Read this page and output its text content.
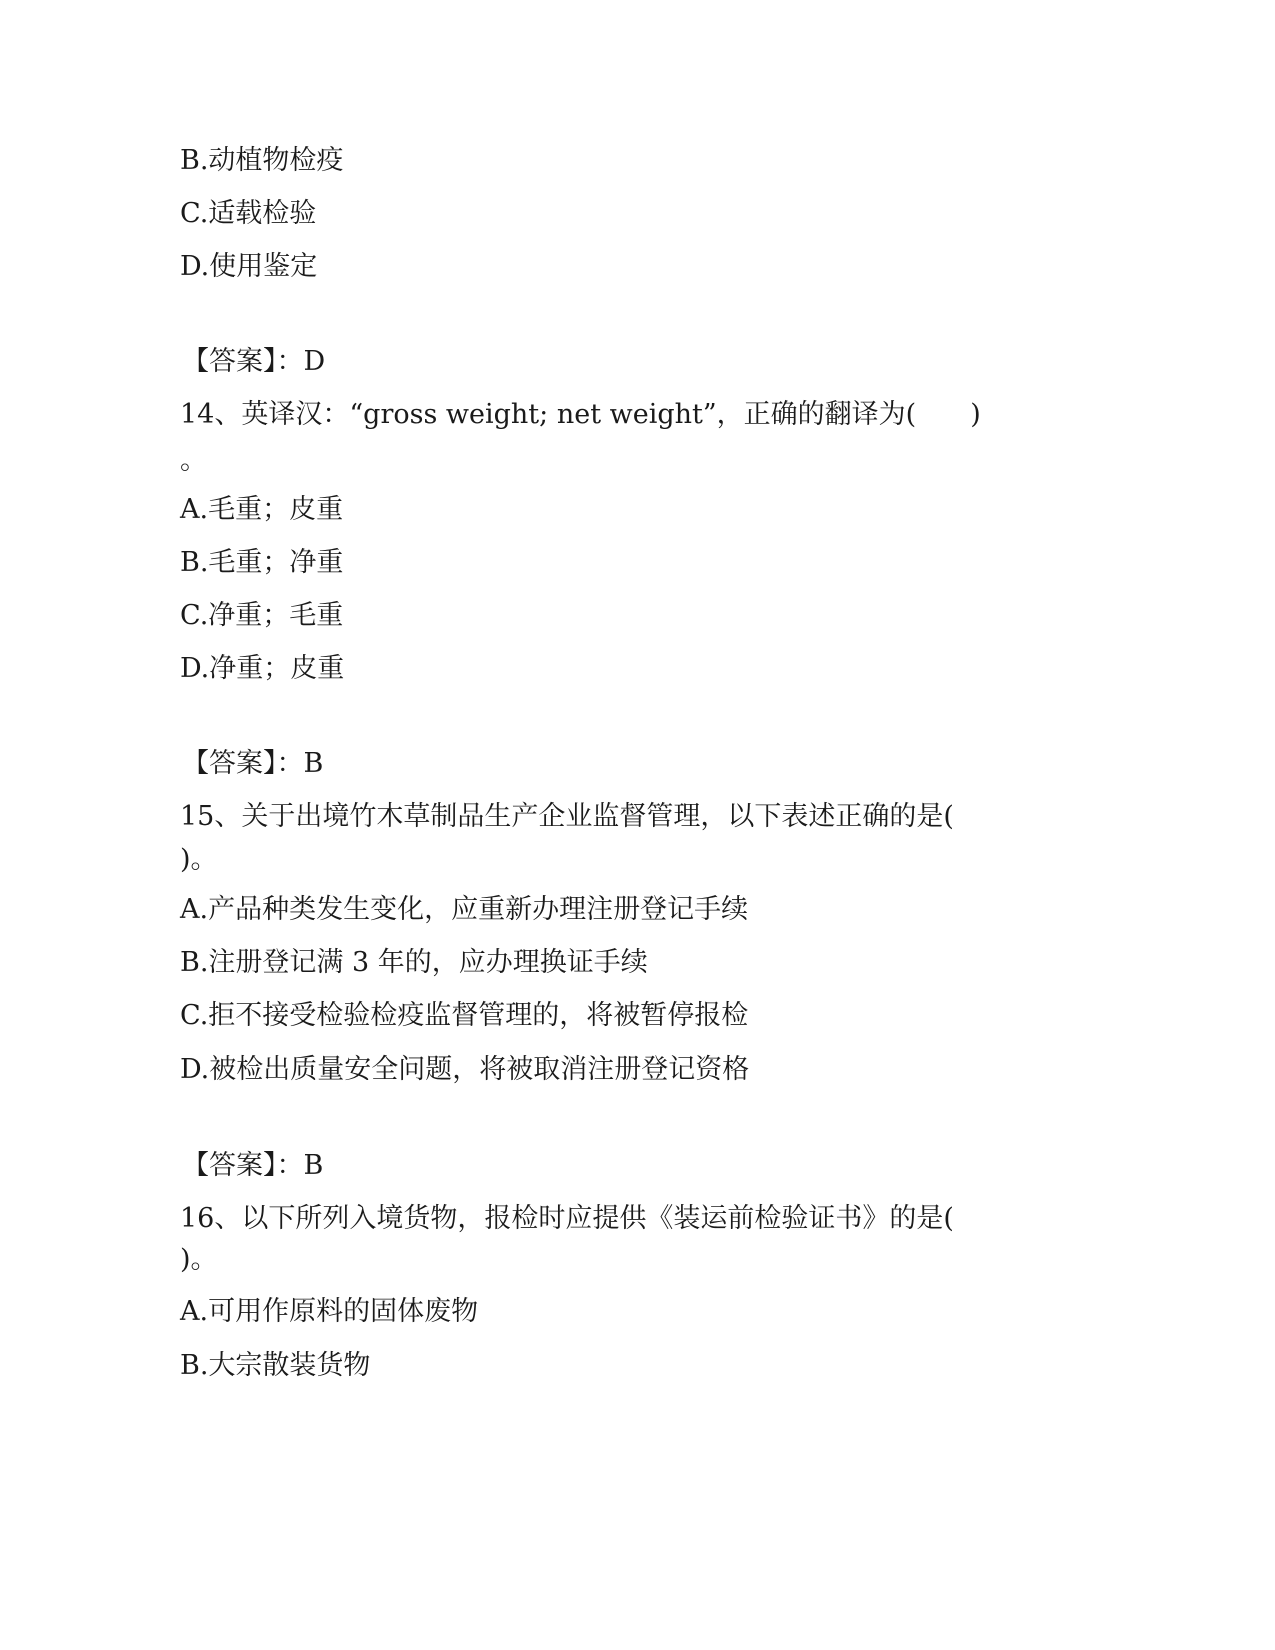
B.动植物检疫
C.适载检验
D.使用鉴定
【答案】：D
14、英译汉：“gross weight; net weight”，正确的翻译为(　　)
。
A.毛重；皮重
B.毛重；净重
C.净重；毛重
D.净重；皮重
【答案】：B
15、关于出境竹木草制品生产企业监督管理，以下表述正确的是(
)。
A.产品种类发生变化，应重新办理注册登记手续
B.注册登记满 3 年的，应办理换证手续
C.拒不接受检验检疫监督管理的，将被暂停报检
D.被检出质量安全问题，将被取消注册登记资格
【答案】：B
16、以下所列入境货物，报检时应提供《装运前检验证书》的是(
)。
A.可用作原料的固体废物
B.大宗散装货物
